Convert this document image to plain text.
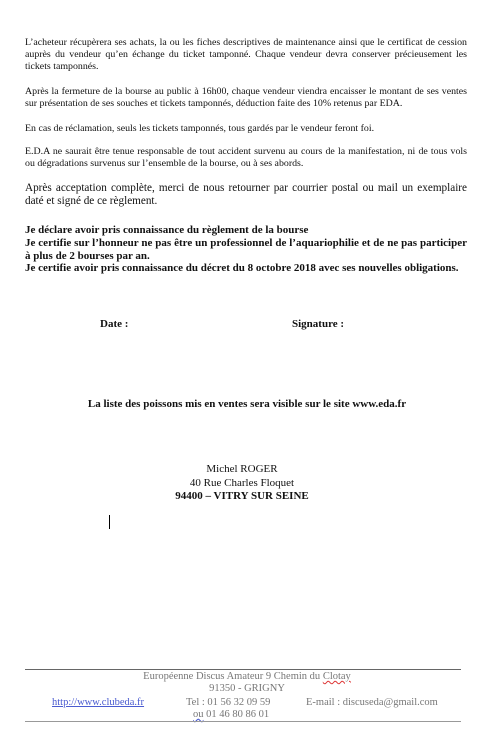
L’acheteur récupèrera ses achats, la ou les fiches descriptives de maintenance ainsi que le certificat de cession auprès du vendeur qu’en échange du ticket tamponné. Chaque vendeur devra conserver précieusement les tickets tamponnés.

Après la fermeture de la bourse au public à 16h00, chaque vendeur viendra encaisser le montant de ses ventes sur présentation de ses souches et tickets tamponnés, déduction faite des 10% retenus par EDA.

En cas de réclamation, seuls les tickets tamponnés, tous gardés par le vendeur feront foi.

E.D.A ne saurait être tenue responsable de tout accident survenu au cours de la manifestation, ni de tous vols ou dégradations survenus sur l’ensemble de la bourse, ou à ses abords.

Après acceptation complète, merci de nous retourner par courrier postal ou mail un exemplaire daté et signé de ce règlement.

Je déclare avoir pris connaissance du règlement de la bourse

Je certifie sur l’honneur ne pas être un professionnel de l’aquariophilie et de ne pas participer à plus de 2 bourses par an.

Je certifie avoir pris connaissance du décret du 8 octobre 2018 avec ses nouvelles obligations.

Date :	Signature :
La liste des poissons mis en ventes sera visible sur le site www.eda.fr
Michel ROGER
40 Rue Charles Floquet
94400 – VITRY SUR SEINE
Européenne Discus Amateur 9 Chemin du Clotay
91350 - GRIGNY
http://www.clubeda.fr	Tel : 01 56 32 09 59	E-mail : discuseda@gmail.com
ou 01 46 80 86 01
